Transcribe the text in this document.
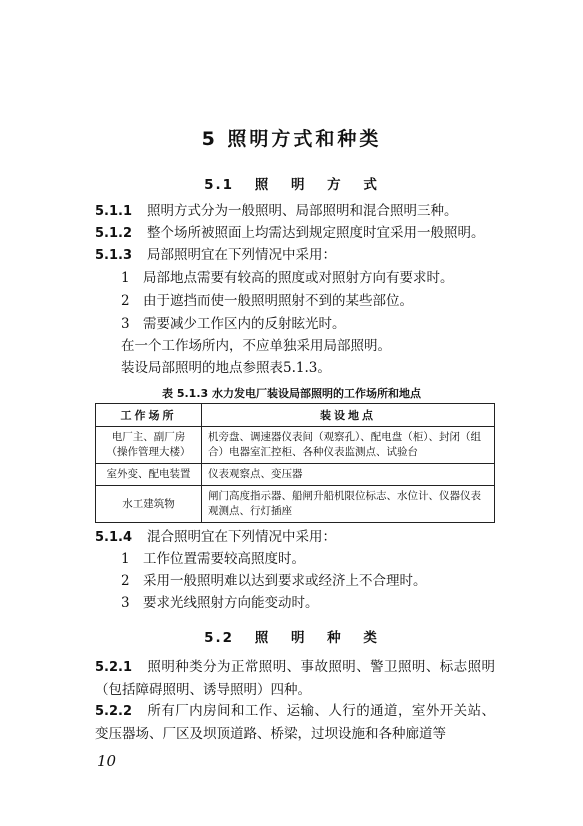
5 照明方式和种类
5.1 照 明 方 式
5.1.1 照明方式分为一般照明、局部照明和混合照明三种。
5.1.2 整个场所被照面上均需达到规定照度时宜采用一般照明。
5.1.3 局部照明宜在下列情况中采用：
1 局部地点需要有较高的照度或对照射方向有要求时。
2 由于遮挡而使一般照明照射不到的某些部位。
3 需要减少工作区内的反射眩光时。
在一个工作场所内，不应单独采用局部照明。
装设局部照明的地点参照表5.1.3。
表 5.1.3 水力发电厂装设局部照明的工作场所和地点
工作场所	装设地点
电厂主、副厂房（操作管理大楼）	机旁盘、调速器仪表间（观察孔）、配电盘（柜）、封闭（组合）电器室汇控柜、各种仪表监测点、试验台
室外变、配电装置	仪表观察点、变压器
水工建筑物	闸门高度指示器、船闸升船机限位标志、水位计、仪器仪表观测点、行灯插座
5.1.4 混合照明宜在下列情况中采用：
1 工作位置需要较高照度时。
2 采用一般照明难以达到要求或经济上不合理时。
3 要求光线照射方向能变动时。
5.2 照 明 种 类
5.2.1 照明种类分为正常照明、事故照明、警卫照明、标志照明（包括障碍照明、诱导照明）四种。
5.2.2 所有厂内房间和工作、运输、人行的通道，室外开关站、变压器场、厂区及坝顶道路、桥梁，过坝设施和各种廊道等
10
